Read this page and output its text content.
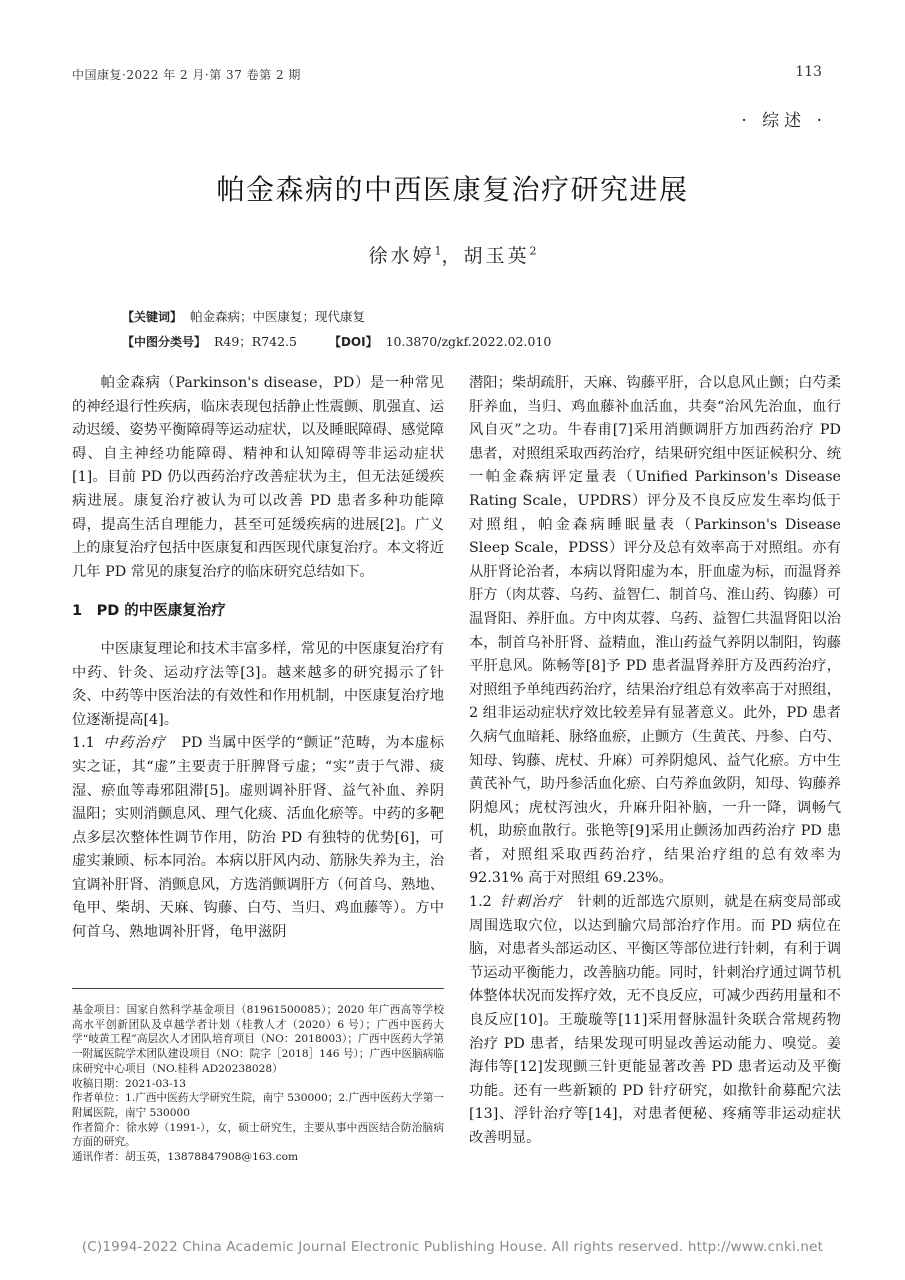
中国康复·2022 年 2 月·第 37 卷第 2 期	113
· 综述 ·
帕金森病的中西医康复治疗研究进展
徐水婷$^1$，胡玉英$^2$
【关键词】 帕金森病；中医康复；现代康复
【中图分类号】 R49；R742.5	【DOI】 10.3870/zgkf.2022.02.010

帕金森病（Parkinson's disease，PD）是一种常见的神经退行性疾病，临床表现包括静止性震颤、肌强直、运动迟缓、姿势平衡障碍等运动症状，以及睡眠障碍、感觉障碍、自主神经功能障碍、精神和认知障碍等非运动症状[1]。目前 PD 仍以西药治疗改善症状为主，但无法延缓疾病进展。康复治疗被认为可以改善 PD 患者多种功能障碍，提高生活自理能力，甚至可延缓疾病的进展[2]。广义上的康复治疗包括中医康复和西医现代康复治疗。本文将近几年 PD 常见的康复治疗的临床研究总结如下。

1　PD 的中医康复治疗

中医康复理论和技术丰富多样，常见的中医康复治疗有中药、针灸、运动疗法等[3]。越来越多的研究揭示了针灸、中药等中医治法的有效性和作用机制，中医康复治疗地位逐渐提高[4]。

1.1 中药治疗 PD 当属中医学的“颤证”范畴，为本虚标实之证，其“虚”主要责于肝脾肾亏虚；“实”责于气滞、痰湿、瘀血等毒邪阻滞[5]。虚则调补肝肾、益气补血、养阴温阳；实则消颤息风、理气化痰、活血化瘀等。中药的多靶点多层次整体性调节作用，防治 PD 有独特的优势[6]，可虚实兼顾、标本同治。本病以肝风内动、筋脉失养为主，治宜调补肝肾、消颤息风，方选消颤调肝方（何首乌、熟地、龟甲、柴胡、天麻、钩藤、白芍、当归、鸡血藤等）。方中何首乌、熟地调补肝肾，龟甲滋阴

潜阳；柴胡疏肝，天麻、钩藤平肝，合以息风止颤；白芍柔肝养血，当归、鸡血藤补血活血，共奏“治风先治血，血行风自灭”之功。牛春甫[7]采用消颤调肝方加西药治疗 PD 患者，对照组采取西药治疗，结果研究组中医证候积分、统一帕金森病评定量表（Unified Parkinson's Disease Rating Scale，UPDRS）评分及不良反应发生率均低于对照组，帕金森病睡眠量表（Parkinson's Disease Sleep Scale，PDSS）评分及总有效率高于对照组。亦有从肝肾论治者，本病以肾阳虚为本，肝血虚为标，而温肾养肝方（肉苁蓉、乌药、益智仁、制首乌、淮山药、钩藤）可温肾阳、养肝血。方中肉苁蓉、乌药、益智仁共温肾阳以治本，制首乌补肝肾、益精血，淮山药益气养阴以制阳，钩藤平肝息风。陈畅等[8]予 PD 患者温肾养肝方及西药治疗，对照组予单纯西药治疗，结果治疗组总有效率高于对照组，2 组非运动症状疗效比较差异有显著意义。此外，PD 患者久病气血暗耗、脉络血瘀，止颤方（生黄芪、丹参、白芍、知母、钩藤、虎杖、升麻）可养阴熄风、益气化瘀。方中生黄芪补气，助丹参活血化瘀、白芍养血敛阴，知母、钩藤养阴熄风；虎杖泻浊火，升麻升阳补脑，一升一降，调畅气机，助瘀血散行。张艳等[9]采用止颤汤加西药治疗 PD 患者，对照组采取西药治疗，结果治疗组的总有效率为 92.31% 高于对照组 69.23%。

1.2 针刺治疗 针刺的近部选穴原则，就是在病变局部或周围选取穴位，以达到腧穴局部治疗作用。而 PD 病位在脑，对患者头部运动区、平衡区等部位进行针刺，有利于调节运动平衡能力，改善脑功能。同时，针刺治疗通过调节机体整体状况而发挥疗效，无不良反应，可减少西药用量和不良反应[10]。王璇璇等[11]采用督脉温针灸联合常规药物治疗 PD 患者，结果发现可明显改善运动能力、嗅觉。姜海伟等[12]发现颤三针更能显著改善 PD 患者运动及平衡功能。还有一些新颖的 PD 针疗研究，如揿针俞募配穴法[13]、浮针治疗等[14]，对患者便秘、疼痛等非运动症状改善明显。

基金项目：国家自然科学基金项目（81961500085）；2020 年广西高等学校高水平创新团队及卓越学者计划（桂教人才（2020）6 号）；广西中医药大学“岐黄工程”高层次人才团队培育项目（NO：2018003）；广西中医药大学第一附属医院学术团队建设项目（NO：院字［2018］146 号）；广西中医脑病临床研究中心项目（NO.桂科 AD20238028）

收稿日期：2021-03-13

作者单位：1.广西中医药大学研究生院，南宁 530000；2.广西中医药大学第一附属医院，南宁 530000

作者简介：徐水婷（1991-），女，硕士研究生，主要从事中西医结合防治脑病方面的研究。

通讯作者：胡玉英，13878847908@163.com

(C)1994-2022 China Academic Journal Electronic Publishing House. All rights reserved. http://www.cnki.net
